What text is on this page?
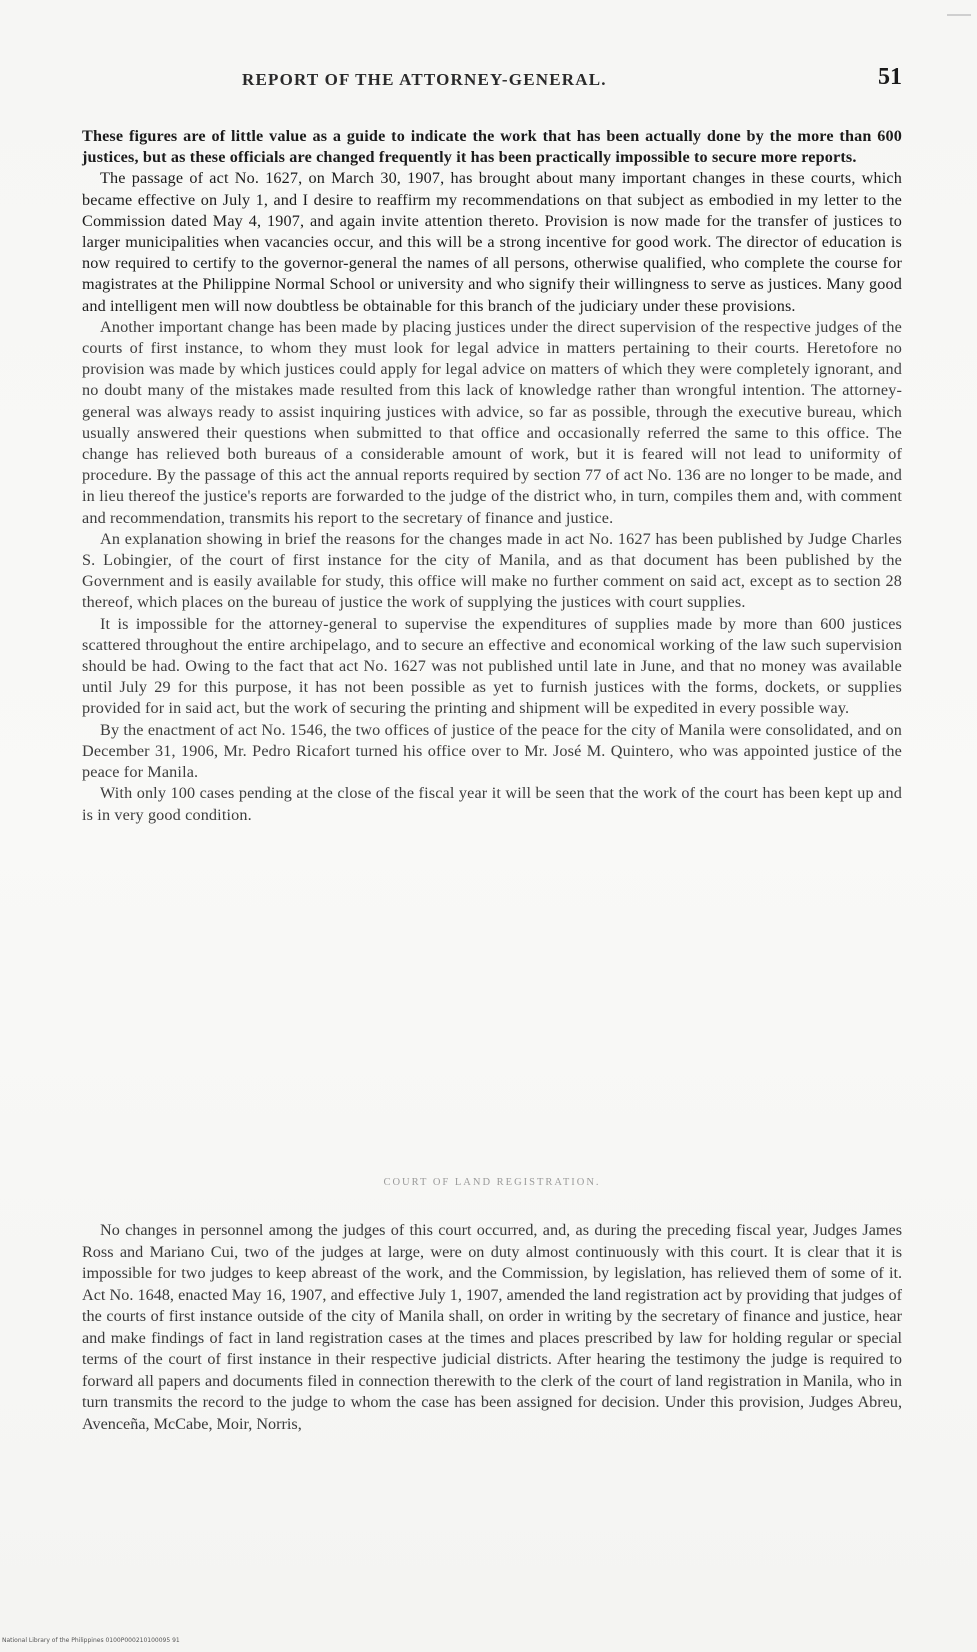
REPORT OF THE ATTORNEY-GENERAL.	51

These figures are of little value as a guide to indicate the work that has been actually done by the more than 600 justices, but as these officials are changed frequently it has been practically impossible to secure more reports.

The passage of act No. 1627, on March 30, 1907, has brought about many important changes in these courts, which became effective on July 1, and I desire to reaffirm my recommendations on that subject as embodied in my letter to the Commission dated May 4, 1907, and again invite attention thereto. Provision is now made for the transfer of justices to larger municipalities when vacancies occur, and this will be a strong incentive for good work. The director of education is now required to certify to the governor-general the names of all persons, otherwise qualified, who complete the course for magistrates at the Philippine Normal School or university and who signify their willingness to serve as justices. Many good and intelligent men will now doubtless be obtainable for this branch of the judiciary under these provisions.

Another important change has been made by placing justices under the direct supervision of the respective judges of the courts of first instance, to whom they must look for legal advice in matters pertaining to their courts. Heretofore no provision was made by which justices could apply for legal advice on matters of which they were completely ignorant, and no doubt many of the mistakes made resulted from this lack of knowledge rather than wrongful intention. The attorney-general was always ready to assist inquiring justices with advice, so far as possible, through the executive bureau, which usually answered their questions when submitted to that office and occasionally referred the same to this office. The change has relieved both bureaus of a considerable amount of work, but it is feared will not lead to uniformity of procedure. By the passage of this act the annual reports required by section 77 of act No. 136 are no longer to be made, and in lieu thereof the justice's reports are forwarded to the judge of the district who, in turn, compiles them and, with comment and recommendation, transmits his report to the secretary of finance and justice.

An explanation showing in brief the reasons for the changes made in act No. 1627 has been published by Judge Charles S. Lobingier, of the court of first instance for the city of Manila, and as that document has been published by the Government and is easily available for study, this office will make no further comment on said act, except as to section 28 thereof, which places on the bureau of justice the work of supplying the justices with court supplies.

It is impossible for the attorney-general to supervise the expenditures of supplies made by more than 600 justices scattered throughout the entire archipelago, and to secure an effective and economical working of the law such supervision should be had. Owing to the fact that act No. 1627 was not published until late in June, and that no money was available until July 29 for this purpose, it has not been possible as yet to furnish justices with the forms, dockets, or supplies provided for in said act, but the work of securing the printing and shipment will be expedited in every possible way.

By the enactment of act No. 1546, the two offices of justice of the peace for the city of Manila were consolidated, and on December 31, 1906, Mr. Pedro Ricafort turned his office over to Mr. José M. Quintero, who was appointed justice of the peace for Manila.

With only 100 cases pending at the close of the fiscal year it will be seen that the work of the court has been kept up and is in very good condition.

COURT OF LAND REGISTRATION.

No changes in personnel among the judges of this court occurred, and, as during the preceding fiscal year, Judges James Ross and Mariano Cui, two of the judges at large, were on duty almost continuously with this court. It is clear that it is impossible for two judges to keep abreast of the work, and the Commission, by legislation, has relieved them of some of it. Act No. 1648, enacted May 16, 1907, and effective July 1, 1907, amended the land registration act by providing that judges of the courts of first instance outside of the city of Manila shall, on order in writing by the secretary of finance and justice, hear and make findings of fact in land registration cases at the times and places prescribed by law for holding regular or special terms of the court of first instance in their respective judicial districts. After hearing the testimony the judge is required to forward all papers and documents filed in connection therewith to the clerk of the court of land registration in Manila, who in turn transmits the record to the judge to whom the case has been assigned for decision. Under this provision, Judges Abreu, Avenceña, McCabe, Moir, Norris,

National Library of the Philippines 0100P000210100095 91
